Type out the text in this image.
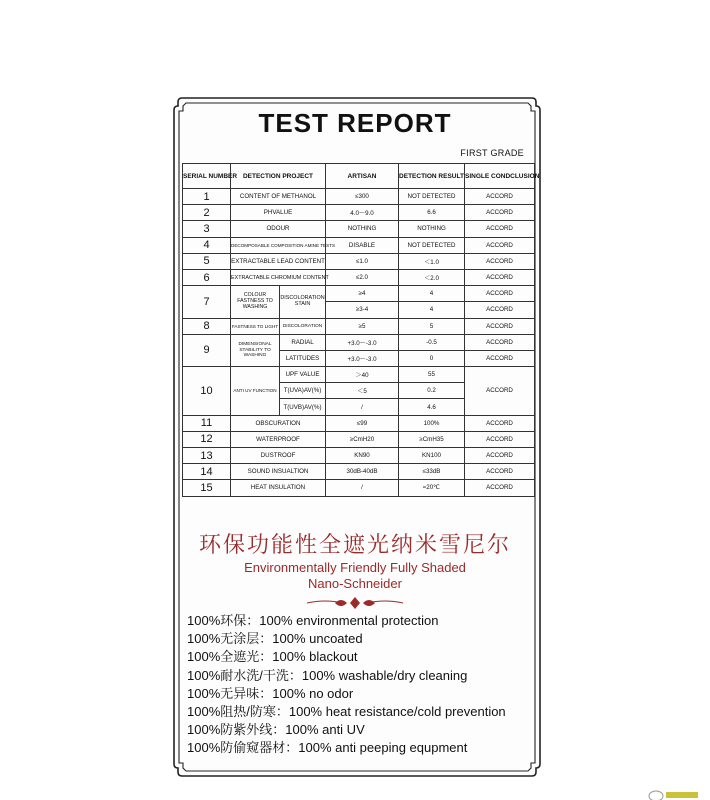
TEST REPORT
FIRST GRADE
SERIAL NUMBER	DETECTION PROJECT		ARTISAN	DETECTION RESULT	SINGLE CONDCLUSION
1	CONTENT OF METHANOL		≤300	NOT DETECTED	ACCORD
2	PHVALUE		4.0～9.0	6.6	ACCORD
3	ODOUR		NOTHING	NOTHING	ACCORD
4	DECOMPOSABLE COMPOSITION AMINE TESTS		DISABLE	NOT DETECTED	ACCORD
5	EXTRACTABLE LEAD CONTENT		≤1.0	＜1.0	ACCORD
6	EXTRACTABLE CHROMIUM CONTENT		≤2.0	＜2.0	ACCORD
7	COLOUR FASTNESS TO WASHING	DISCOLORATION STAIN	≥4	4	ACCORD
			≥3-4	4	ACCORD
8	FASTNESS TO LIGHT	DISCOLORATION	≥5	5	ACCORD
9	DIMENSIONAL STABILITY TO WASHING	RADIAL	+3.0～-3.0	-0.5	ACCORD
		LATITUDES	+3.0～-3.0	0	ACCORD
10	ANTI UV FUNCTION	UPF VALUE	＞40	55	ACCORD
		T(UVA)AV(%)	＜5	0.2	
		T(UVB)AV(%)	/	4.6	
11	OBSCURATION		≤99	100%	ACCORD
12	WATERPROOF		≥CmH20	≥CmH35	ACCORD
13	DUSTROOF		KN90	KN100	ACCORD
14	SOUND INSUALTION		30dB-40dB	≤33dB	ACCORD
15	HEAT INSULATION		/	≈20℃	ACCORD
环保功能性全遮光纳米雪尼尔
Environmentally Friendly Fully Shaded
Nano-Schneider
100%环保：100% environmental protection
100%无涂层：100% uncoated
100%全遮光：100% blackout
100%耐水洗/干洗：100% washable/dry cleaning
100%无异味：100% no odor
100%阻热/防寒：100% heat resistance/cold prevention
100%防紫外线：100% anti UV
100%防偷窥器材：100% anti peeping equpment
